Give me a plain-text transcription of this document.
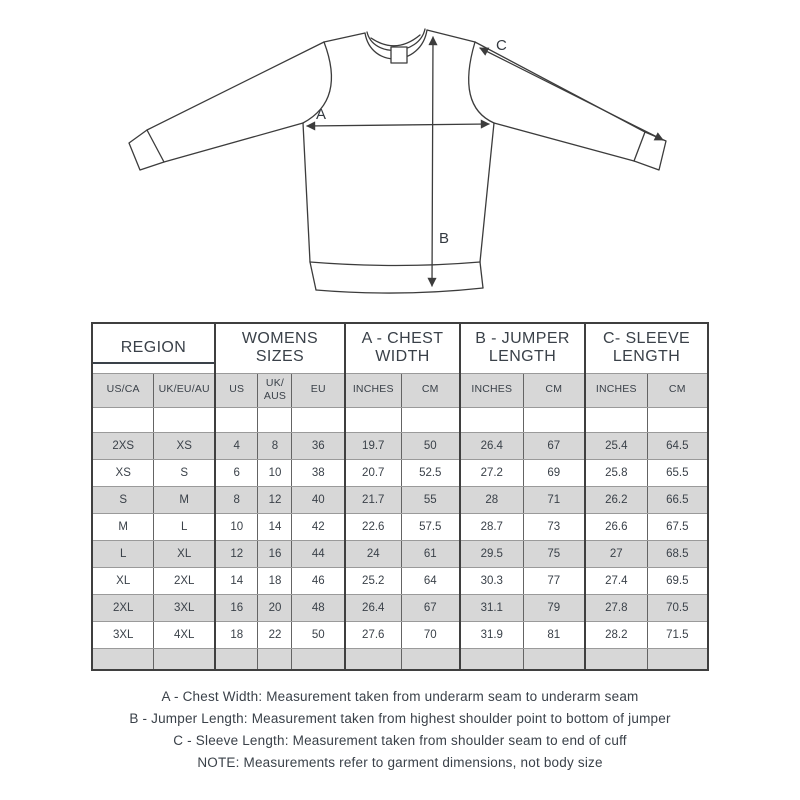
A
B
C
REGION		WOMENS SIZES			A - CHEST WIDTH		B - JUMPER LENGTH		C- SLEEVE LENGTH	

US/CA	UK/EU/AU	US	UK/ AUS	EU	INCHES	CM	INCHES	CM	INCHES	CM

2XS	XS	4	8	36	19.7	50	26.4	67	25.4	64.5
XS	S	6	10	38	20.7	52.5	27.2	69	25.8	65.5
S	M	8	12	40	21.7	55	28	71	26.2	66.5
M	L	10	14	42	22.6	57.5	28.7	73	26.6	67.5
L	XL	12	16	44	24	61	29.5	75	27	68.5
XL	2XL	14	18	46	25.2	64	30.3	77	27.4	69.5
2XL	3XL	16	20	48	26.4	67	31.1	79	27.8	70.5
3XL	4XL	18	22	50	27.6	70	31.9	81	28.2	71.5

A - Chest Width: Measurement taken from underarm seam to underarm seam
B - Jumper Length: Measurement taken from highest shoulder point to bottom of jumper
C - Sleeve Length: Measurement taken from shoulder seam to end of cuff
NOTE: Measurements refer to garment dimensions, not body size
